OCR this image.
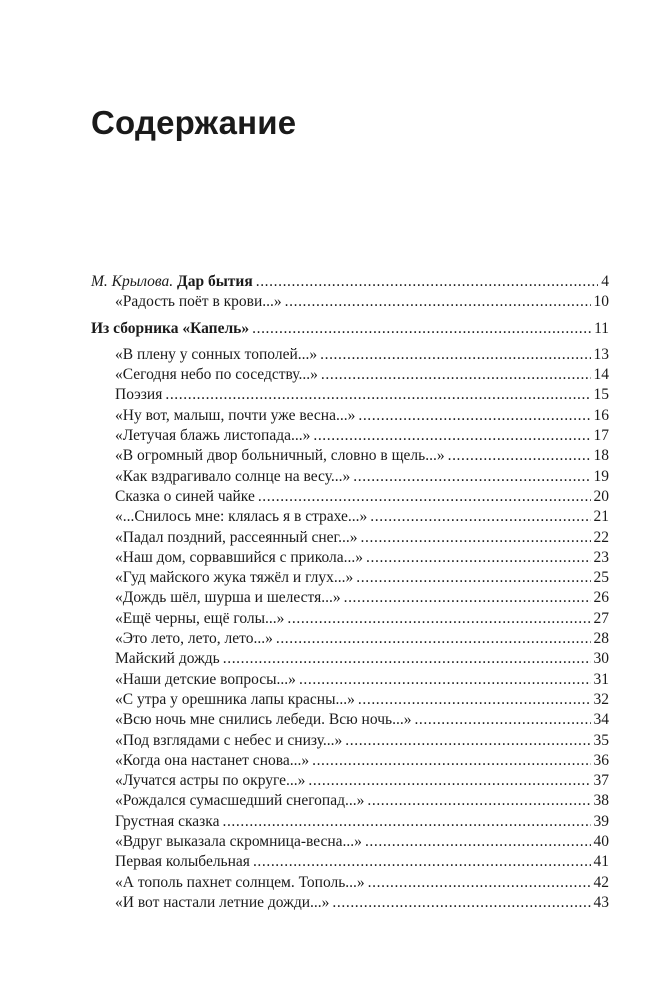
Содержание
М. Крылова. Дар бытия .....	4
«Радость поёт в крови...» .....	10
Из сборника «Капель» .....	11
«В плену у сонных тополей...» .....	13
«Сегодня небо по соседству...» .....	14
Поэзия .....	15
«Ну вот, малыш, почти уже весна...» .....	16
«Летучая блажь листопада...» .....	17
«В огромный двор больничный, словно в щель...» .....	18
«Как вздрагивало солнце на весу...» .....	19
Сказка о синей чайке .....	20
«...Снилось мне: клялась я в страхе...» .....	21
«Падал поздний, рассеянный снег...» .....	22
«Наш дом, сорвавшийся с прикола...» .....	23
«Гуд майского жука тяжёл и глух...» .....	25
«Дождь шёл, шурша и шелестя...» .....	26
«Ещё черны, ещё голы...» .....	27
«Это лето, лето, лето...» .....	28
Майский дождь .....	30
«Наши детские вопросы...» .....	31
«С утра у орешника лапы красны...» .....	32
«Всю ночь мне снились лебеди. Всю ночь...» .....	34
«Под взглядами с небес и снизу...» .....	35
«Когда она настанет снова...» .....	36
«Лучатся астры по округе...» .....	37
«Рождался сумасшедший снегопад...» .....	38
Грустная сказка .....	39
«Вдруг выказала скромница-весна...» .....	40
Первая колыбельная .....	41
«А тополь пахнет солнцем. Тополь...» .....	42
«И вот настали летние дожди...» .....	43
